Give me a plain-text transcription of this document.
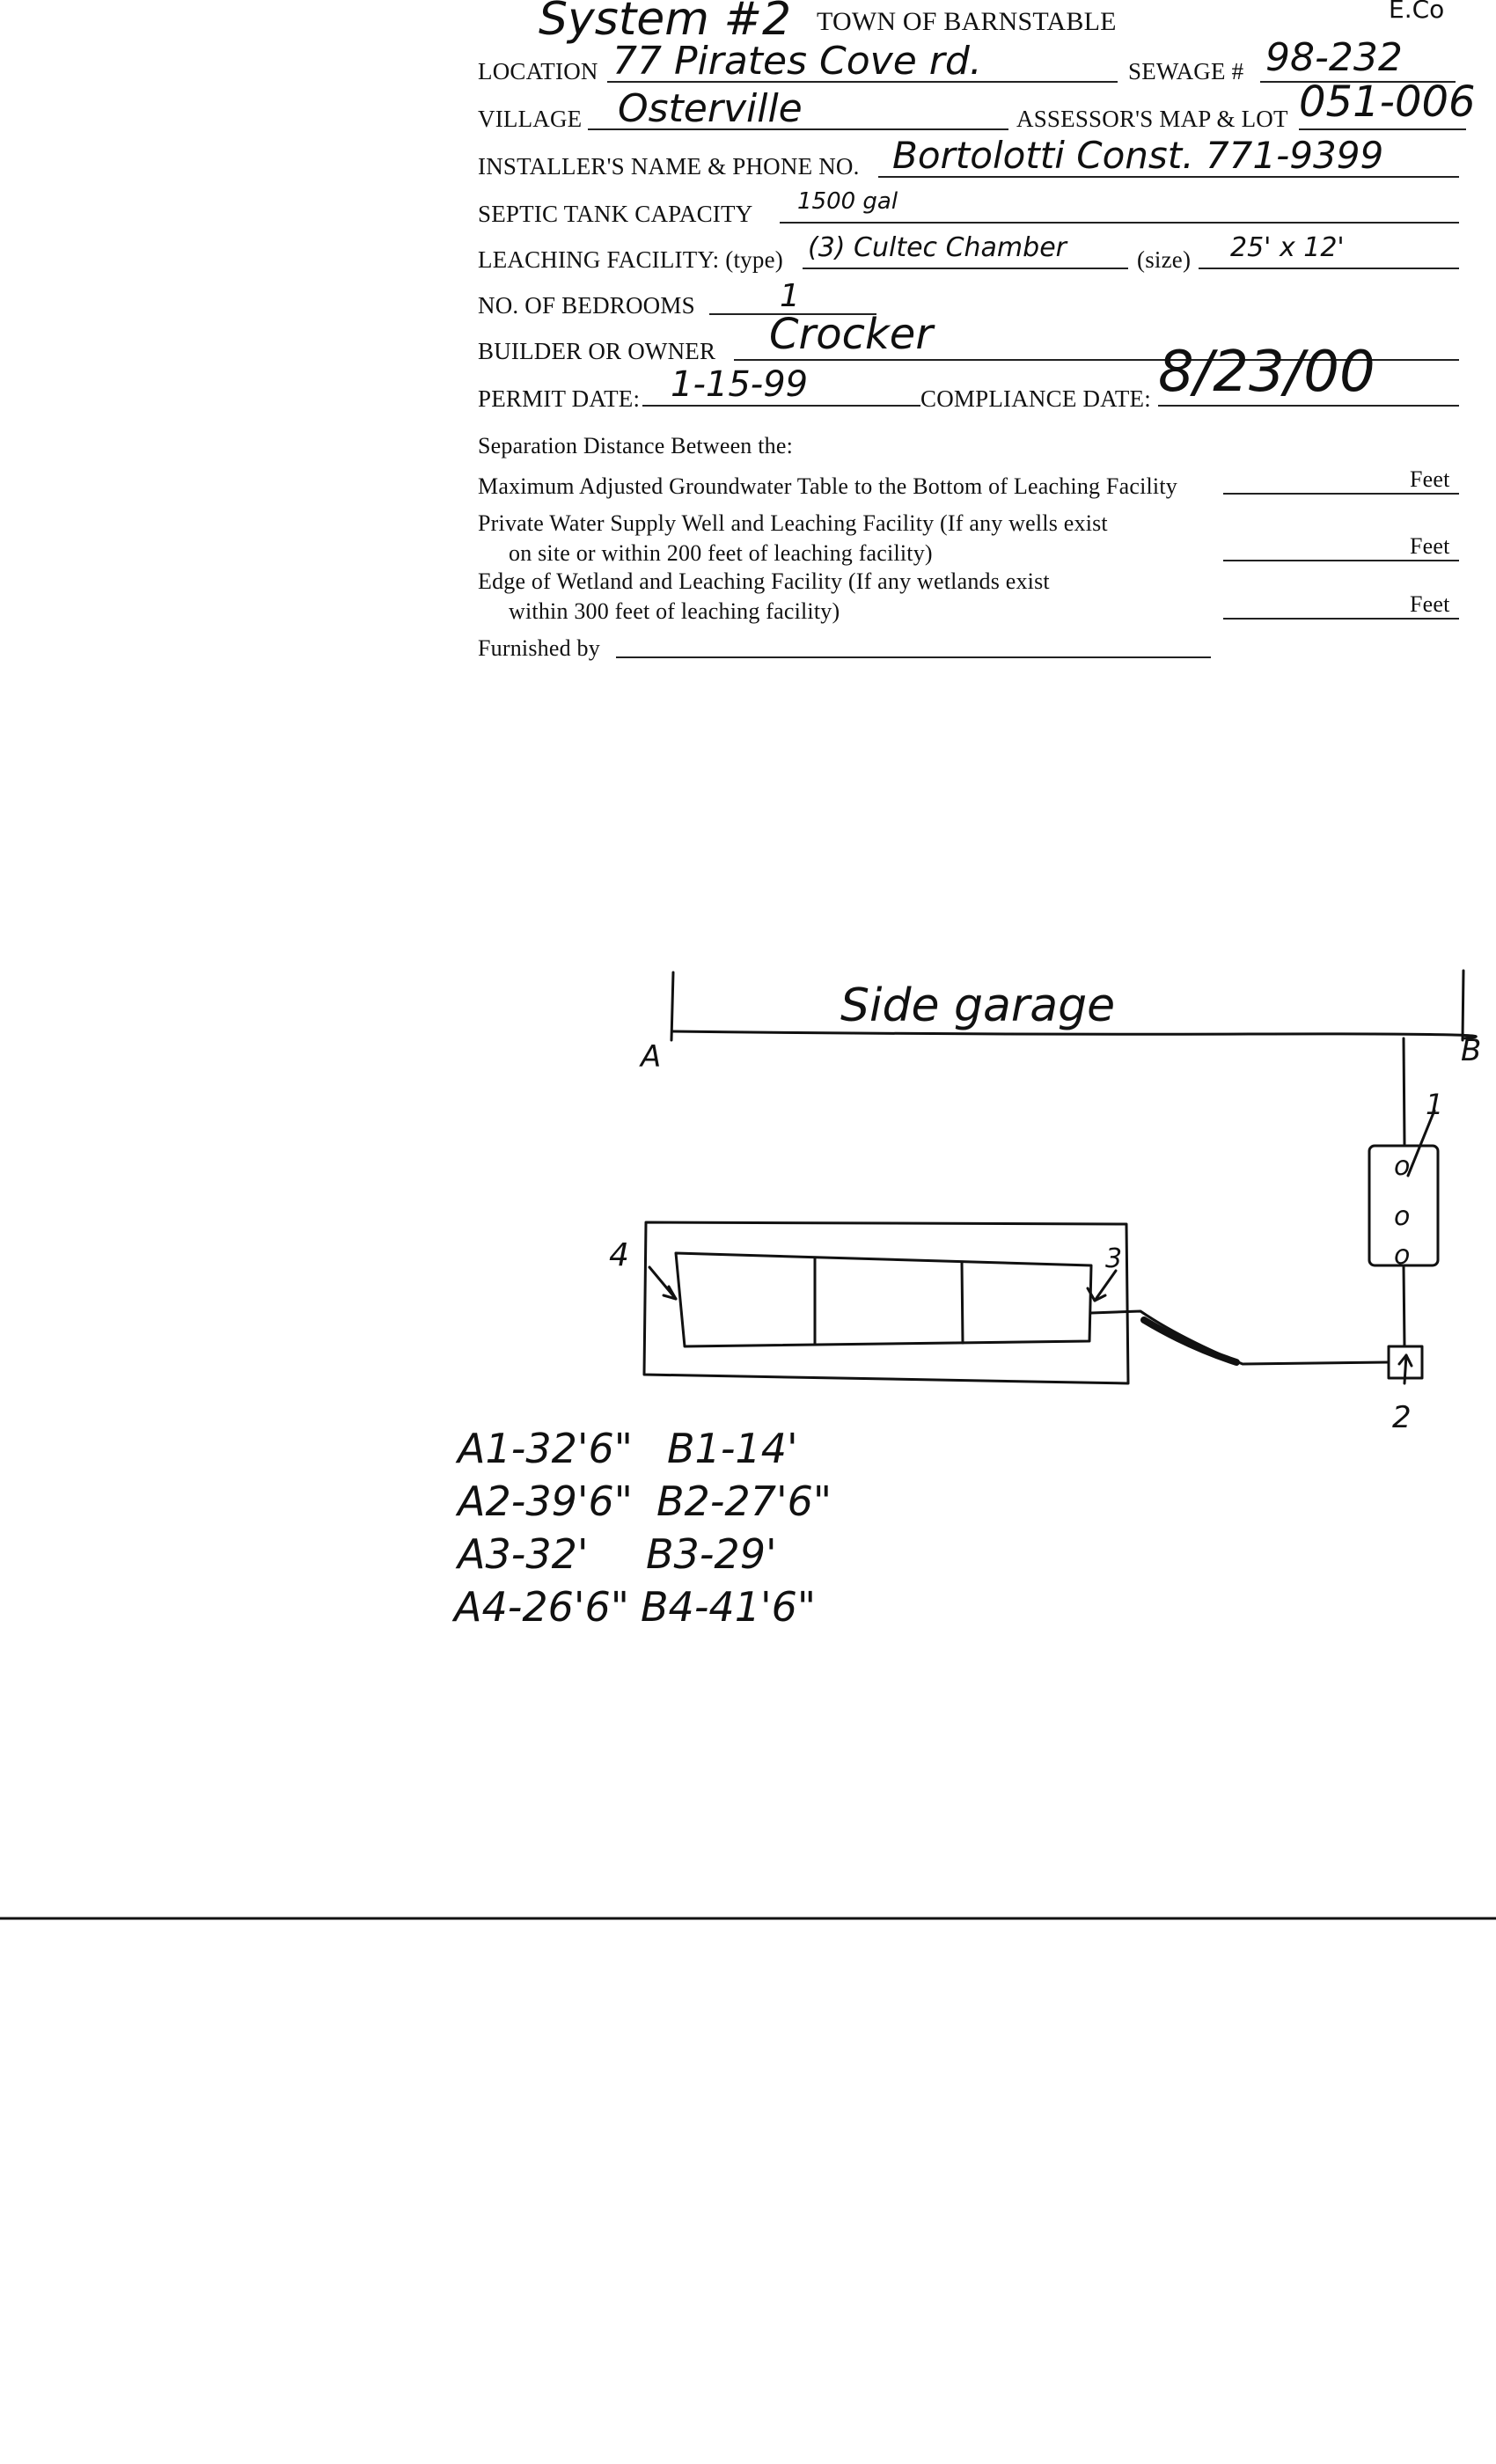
System #2 TOWN OF BARNSTABLE	E.Co
LOCATION 77 Pirates Cove rd.	SEWAGE # 98-232
VILLAGE Osterville	ASSESSOR'S MAP & LOT 051-006
INSTALLER'S NAME & PHONE NO. Bortolotti Const. 771-9399
SEPTIC TANK CAPACITY 1500 gal
LEACHING FACILITY: (type) (3) Cultec Chamber	(size) 25' x 12'
NO. OF BEDROOMS	1
BUILDER OR OWNER Crocker
PERMIT DATE: 1-15-99	COMPLIANCE DATE: 8/23/00
Separation Distance Between the:
Maximum Adjusted Groundwater Table to the Bottom of Leaching Facility	Feet
Private Water Supply Well and Leaching Facility (If any wells exist
on site or within 200 feet of leaching facility)	Feet
Edge of Wetland and Leaching Facility (If any wetlands exist
within 300 feet of leaching facility)	Feet
Furnished by
o
o
o
Side garage
A	B
1
2
3
4
A1-32'6" B1-14'
A2-39'6" B2-27'6"
A3-32' B3-29'
A4-26'6" B4-41'6"
